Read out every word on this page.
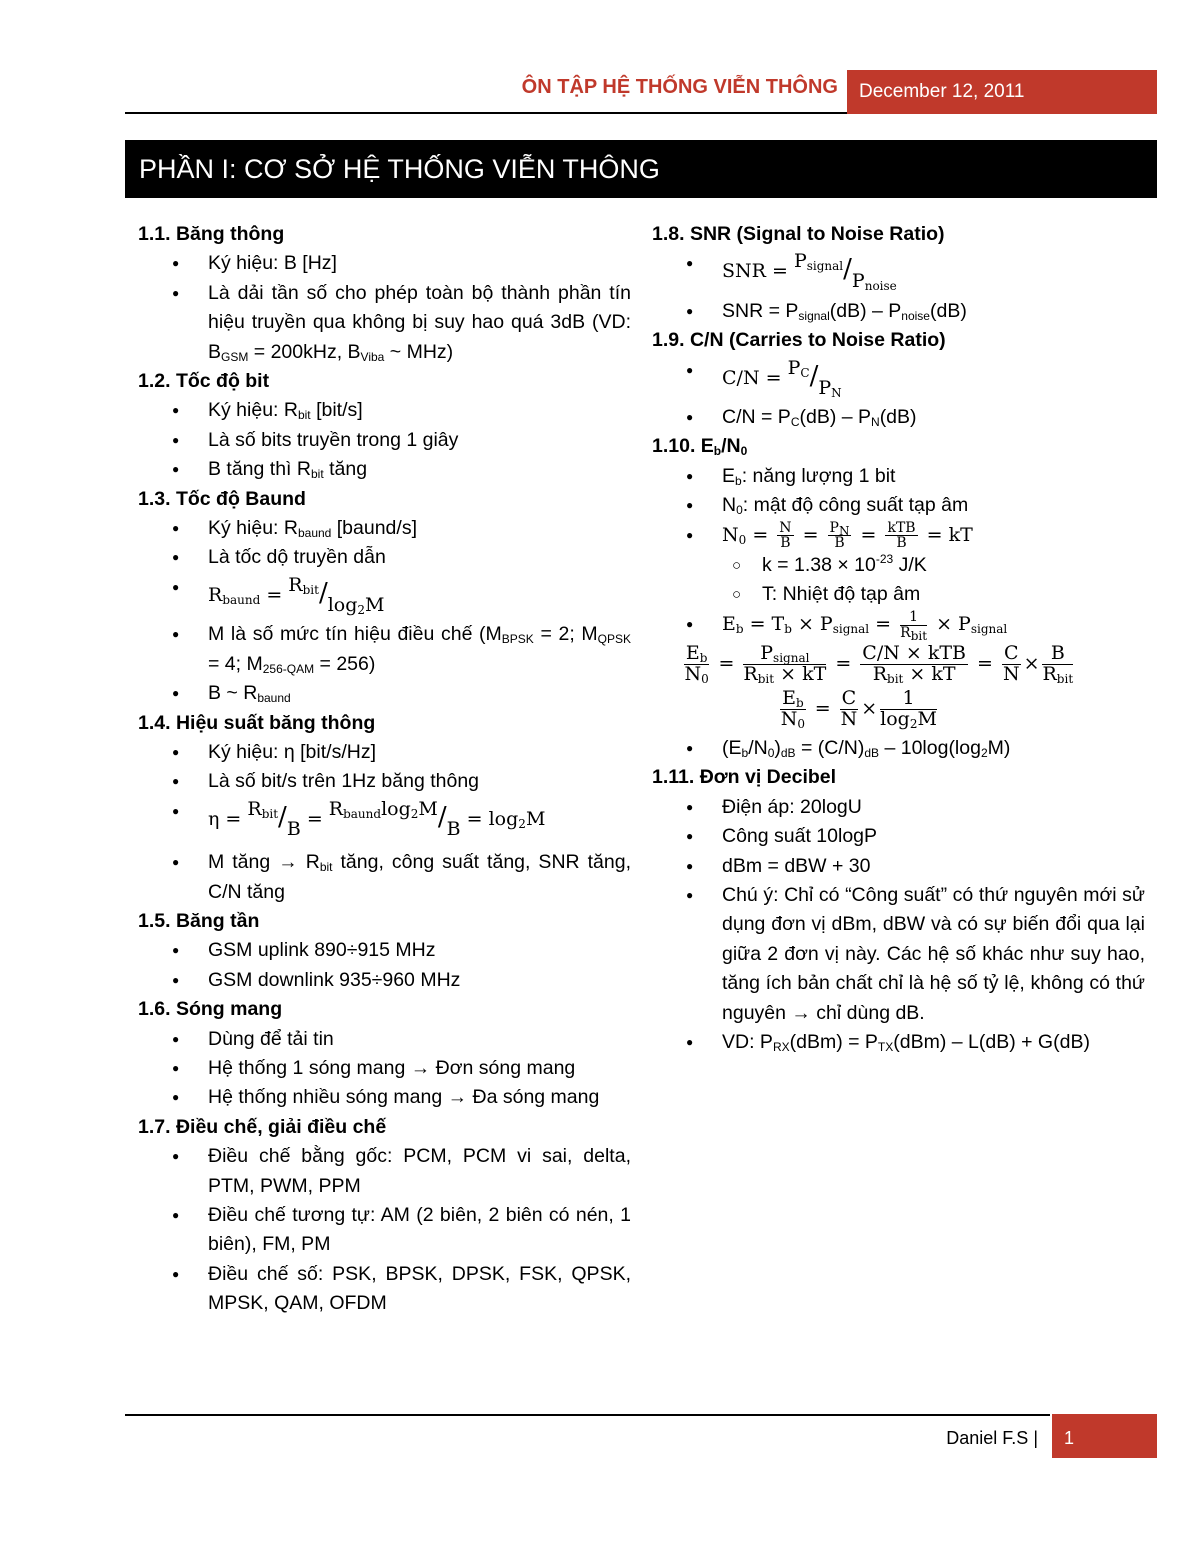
ÔN TẬP HỆ THỐNG VIỄN THÔNG	December 12, 2011
PHẦN I: CƠ SỞ HỆ THỐNG VIỄN THÔNG
1.1. Băng thông
● Ký hiệu: B [Hz]
● Là dải tần số cho phép toàn bộ thành phần tín hiệu truyền qua không bị suy hao quá 3dB (VD: $B_{GSM} = 200kHz$, $B_{Viba}$ ~ MHz)
1.2. Tốc độ bit
● Ký hiệu: $R_{bit}$ [bit/s]
● Là số bits truyền trong 1 giây
● B tăng thì $R_{bit}$ tăng
1.3. Tốc độ Baund
● Ký hiệu: $R_{baund}$ [baund/s]
● Là tốc dộ truyền dẫn
● $R_{baund} = ^{R_{bit}}/_{log_2M}$
● M là số mức tín hiệu điều chế ($M_{BPSK} = 2$; $M_{QPSK} = 4$; $M_{256-QAM} = 256$)
● B ~ $R_{baund}$
1.4. Hiệu suất băng thông
● Ký hiệu: η [bit/s/Hz]
● Là số bit/s trên 1Hz băng thông
● $\eta = ^{R_{bit}}/_B = ^{R_{baund}log_2M}/_B = \log_2M$
● M tăng → $R_{bit}$ tăng, công suất tăng, SNR tăng, C/N tăng
1.5. Băng tần
● GSM uplink 890÷915 MHz
● GSM downlink 935÷960 MHz
1.6. Sóng mang
● Dùng để tải tin
● Hệ thống 1 sóng mang → Đơn sóng mang
● Hệ thống nhiều sóng mang → Đa sóng mang
1.7. Điều chế, giải điều chế
● Điều chế bằng gốc: PCM, PCM vi sai, delta, PTM, PWM, PPM
● Điều chế tương tự: AM (2 biên, 2 biên có nén, 1 biên), FM, PM
● Điều chế số: PSK, BPSK, DPSK, FSK, QPSK, MPSK, QAM, OFDM
1.8. SNR (Signal to Noise Ratio)
● SNR = $^{P_{signal}}/_{P_{noise}}$
● SNR = $P_{signal}(dB) - P_{noise}(dB)$
1.9. C/N (Carries to Noise Ratio)
● $C/N = ^{P_C}/_{P_N}$
● $C/N = P_C(dB) - P_N(dB)$
1.10. $E_b/N_0$
● $E_b$: năng lượng 1 bit
● $N_0$: mật độ công suất tạp âm
● $N_0 = \frac{N}{B} = \frac{P_N}{B} = \frac{\text{kTB}}{B}$ = kT
○ $k = 1.38 \times 10^{-23}$ J/K
○ T: Nhiệt độ tạp âm
● $E_b = T_b \times P_{signal} = \frac{1}{R_{bit}} \times P_{signal}$
$\frac{E_b}{N_0} = \frac{P_{signal}}{R_{bit} \times kT} = \frac{\text{C/N × kTB}}{R_{bit} \times kT} = \frac{C}{N} \times \frac{B}{R_{bit}}$
$\frac{E_b}{N_0} = \frac{C}{N} \times \frac{1}{\log_2M}$
● $(E_b/N_0)_{dB} = (C/N)_{dB} - 10\log(\log_2M)$
1.11. Đơn vị Decibel
● Điện áp: 20logU
● Công suất 10logP
● dBm = dBW + 30
● Chú ý: Chỉ có “Công suất” có thứ nguyên mới sử dụng đơn vị dBm, dBW và có sự biến đổi qua lại giữa 2 đơn vị này. Các hệ số khác như suy hao, tăng ích bản chất chỉ là hệ số tỷ lệ, không có thứ nguyên → chỉ dùng dB.
● VD: $P_{RX}(dBm) = P_{TX}(dBm) - L(dB) + G(dB)$
Daniel F.S |	1
